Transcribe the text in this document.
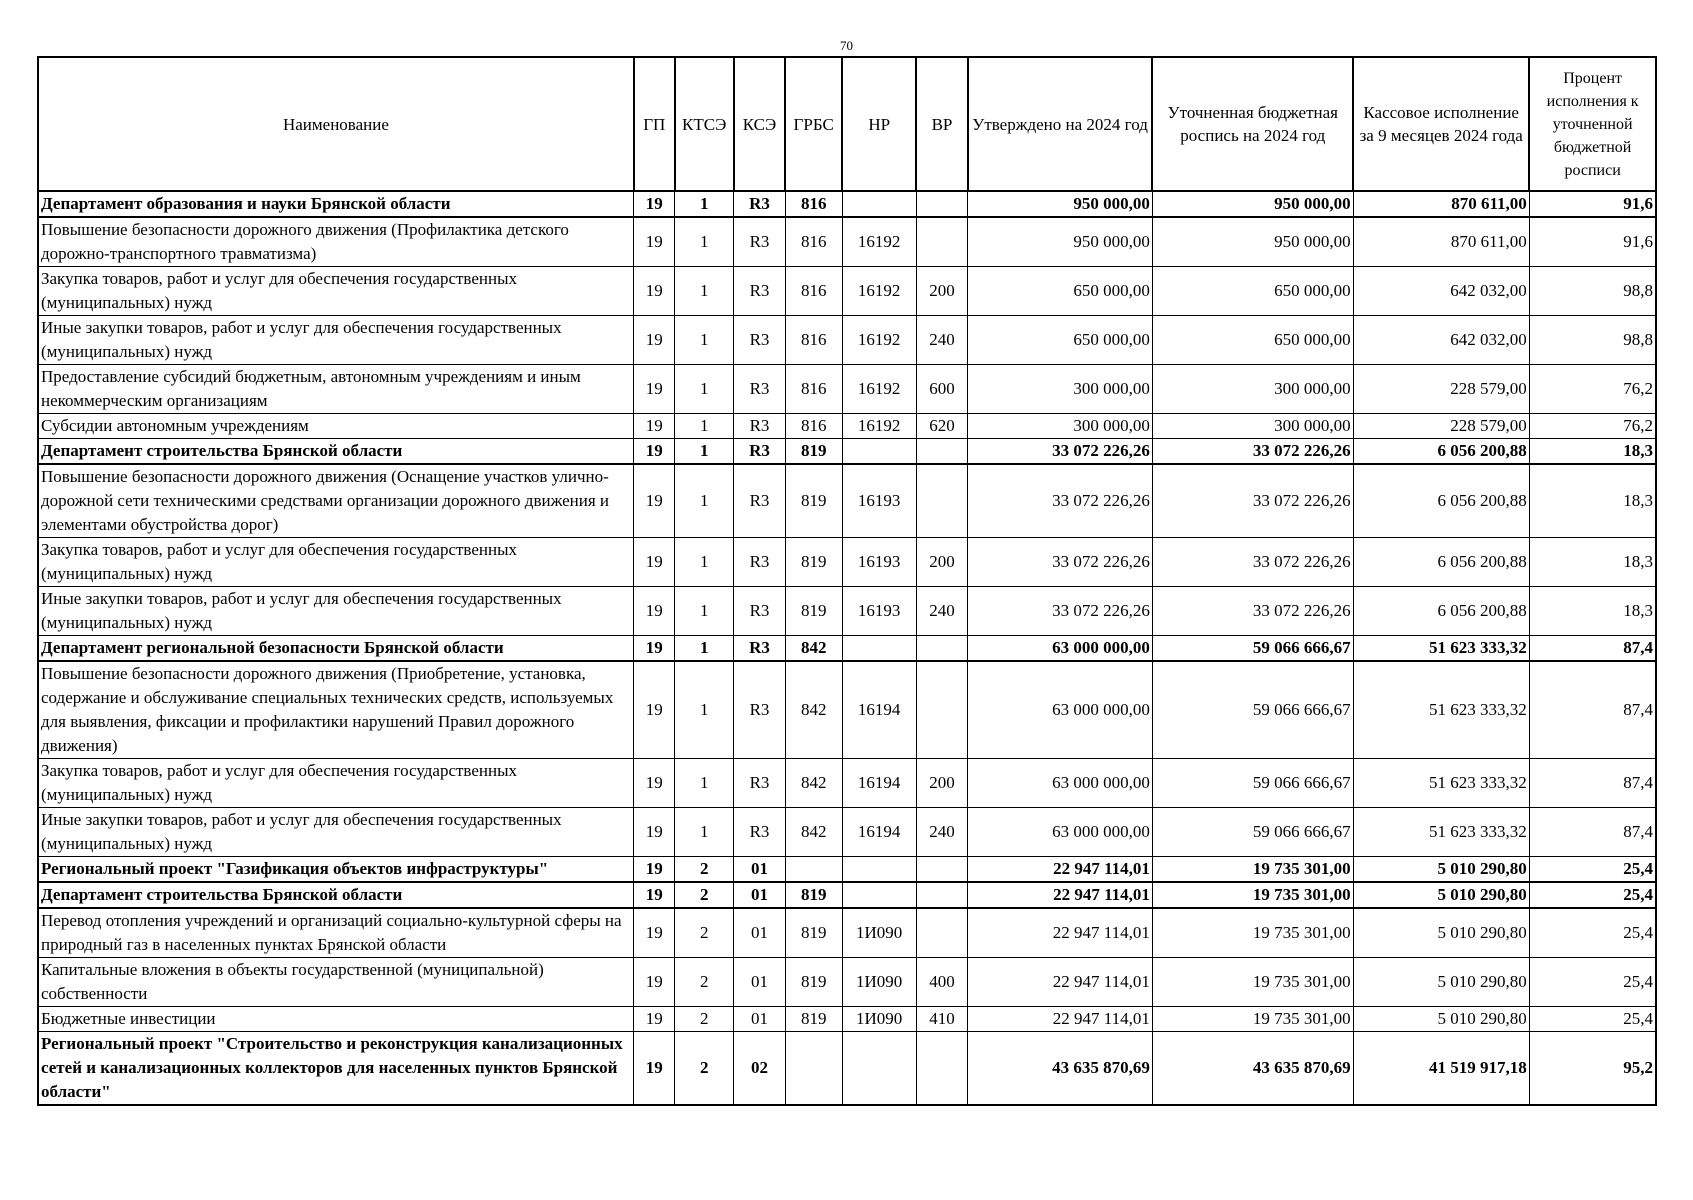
70
Наименование	ГП	КТСЭ	КСЭ	ГРБС	НР	ВР	Утверждено на 2024 год	Уточненная бюджетная роспись на 2024 год	Кассовое исполнение за 9 месяцев 2024 года	Процент исполнения к уточненной бюджетной росписи
Департамент образования и науки Брянской области	19	1	R3	816			950 000,00	950 000,00	870 611,00	91,6
Повышение безопасности дорожного движения (Профилактика детского дорожно-транспортного травматизма)	19	1	R3	816	16192		950 000,00	950 000,00	870 611,00	91,6
Закупка товаров, работ и услуг для обеспечения государственных (муниципальных) нужд	19	1	R3	816	16192	200	650 000,00	650 000,00	642 032,00	98,8
Иные закупки товаров, работ и услуг для обеспечения государственных (муниципальных) нужд	19	1	R3	816	16192	240	650 000,00	650 000,00	642 032,00	98,8
Предоставление субсидий бюджетным, автономным учреждениям и иным некоммерческим организациям	19	1	R3	816	16192	600	300 000,00	300 000,00	228 579,00	76,2
Субсидии автономным учреждениям	19	1	R3	816	16192	620	300 000,00	300 000,00	228 579,00	76,2
Департамент строительства Брянской области	19	1	R3	819			33 072 226,26	33 072 226,26	6 056 200,88	18,3
Повышение безопасности дорожного движения (Оснащение участков улично-дорожной сети техническими средствами организации дорожного движения и элементами обустройства дорог)	19	1	R3	819	16193		33 072 226,26	33 072 226,26	6 056 200,88	18,3
Закупка товаров, работ и услуг для обеспечения государственных (муниципальных) нужд	19	1	R3	819	16193	200	33 072 226,26	33 072 226,26	6 056 200,88	18,3
Иные закупки товаров, работ и услуг для обеспечения государственных (муниципальных) нужд	19	1	R3	819	16193	240	33 072 226,26	33 072 226,26	6 056 200,88	18,3
Департамент региональной безопасности Брянской области	19	1	R3	842			63 000 000,00	59 066 666,67	51 623 333,32	87,4
Повышение безопасности дорожного движения (Приобретение, установка, содержание и обслуживание специальных технических средств, используемых для выявления, фиксации и профилактики нарушений Правил дорожного движения)	19	1	R3	842	16194		63 000 000,00	59 066 666,67	51 623 333,32	87,4
Закупка товаров, работ и услуг для обеспечения государственных (муниципальных) нужд	19	1	R3	842	16194	200	63 000 000,00	59 066 666,67	51 623 333,32	87,4
Иные закупки товаров, работ и услуг для обеспечения государственных (муниципальных) нужд	19	1	R3	842	16194	240	63 000 000,00	59 066 666,67	51 623 333,32	87,4
Региональный проект "Газификация объектов инфраструктуры"	19	2	01				22 947 114,01	19 735 301,00	5 010 290,80	25,4
Департамент строительства Брянской области	19	2	01	819			22 947 114,01	19 735 301,00	5 010 290,80	25,4
Перевод отопления учреждений и организаций социально-культурной сферы на природный газ в населенных пунктах Брянской области	19	2	01	819	1И090		22 947 114,01	19 735 301,00	5 010 290,80	25,4
Капитальные вложения в объекты государственной (муниципальной) собственности	19	2	01	819	1И090	400	22 947 114,01	19 735 301,00	5 010 290,80	25,4
Бюджетные инвестиции	19	2	01	819	1И090	410	22 947 114,01	19 735 301,00	5 010 290,80	25,4
Региональный проект "Строительство и реконструкция канализационных сетей и канализационных коллекторов для населенных пунктов Брянской области"	19	2	02				43 635 870,69	43 635 870,69	41 519 917,18	95,2
